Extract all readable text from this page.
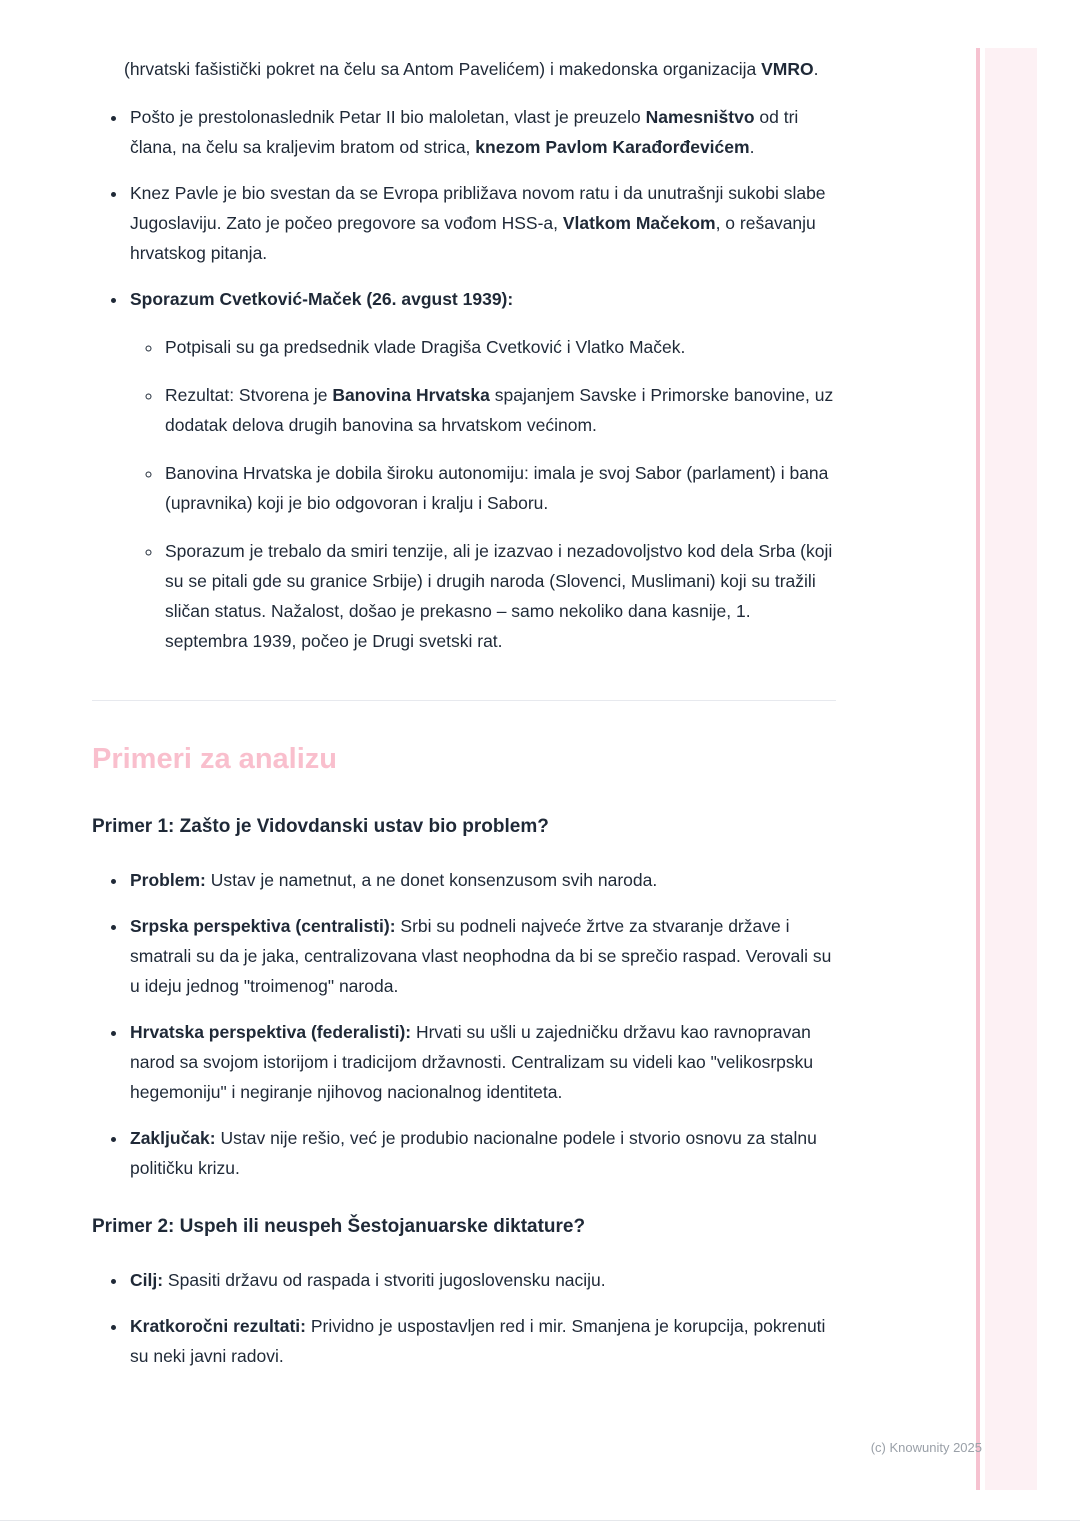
(hrvatski fašistički pokret na čelu sa Antom Pavelićem) i makedonska organizacija VMRO.

• Pošto je prestolonaslednik Petar II bio maloletan, vlast je preuzelo Namesništvo od tri člana, na čelu sa kraljevim bratom od strica, knezom Pavlom Karađorđevićem.
• Knez Pavle je bio svestan da se Evropa približava novom ratu i da unutrašnji sukobi slabe Jugoslaviju. Zato je počeo pregovore sa vođom HSS-a, Vlatkom Mačekom, o rešavanju hrvatskog pitanja.
• Sporazum Cvetković-Maček (26. avgust 1939):
◦ Potpisali su ga predsednik vlade Dragiša Cvetković i Vlatko Maček.
◦ Rezultat: Stvorena je Banovina Hrvatska spajanjem Savske i Primorske banovine, uz dodatak delova drugih banovina sa hrvatskom većinom.
◦ Banovina Hrvatska je dobila široku autonomiju: imala je svoj Sabor (parlament) i bana (upravnika) koji je bio odgovoran i kralju i Saboru.
◦ Sporazum je trebalo da smiri tenzije, ali je izazvao i nezadovoljstvo kod dela Srba (koji su se pitali gde su granice Srbije) i drugih naroda (Slovenci, Muslimani) koji su tražili sličan status. Nažalost, došao je prekasno – samo nekoliko dana kasnije, 1. septembra 1939, počeo je Drugi svetski rat.
Primeri za analizu
Primer 1: Zašto je Vidovdanski ustav bio problem?
• Problem: Ustav je nametnut, a ne donet konsenzusom svih naroda.
• Srpska perspektiva (centralisti): Srbi su podneli najveće žrtve za stvaranje države i smatrali su da je jaka, centralizovana vlast neophodna da bi se sprečio raspad. Verovali su u ideju jednog "troimenog" naroda.
• Hrvatska perspektiva (federalisti): Hrvati su ušli u zajedničku državu kao ravnopravan narod sa svojom istorijom i tradicijom državnosti. Centralizam su videli kao "velikosrpsku hegemoniju" i negiranje njihovog nacionalnog identiteta.
• Zaključak: Ustav nije rešio, već je produbio nacionalne podele i stvorio osnovu za stalnu političku krizu.
Primer 2: Uspeh ili neuspeh Šestojanuarske diktature?
• Cilj: Spasiti državu od raspada i stvoriti jugoslovensku naciju.
• Kratkoročni rezultati: Prividno je uspostavljen red i mir. Smanjena je korupcija, pokrenuti su neki javni radovi.
(c) Knowunity 2025
